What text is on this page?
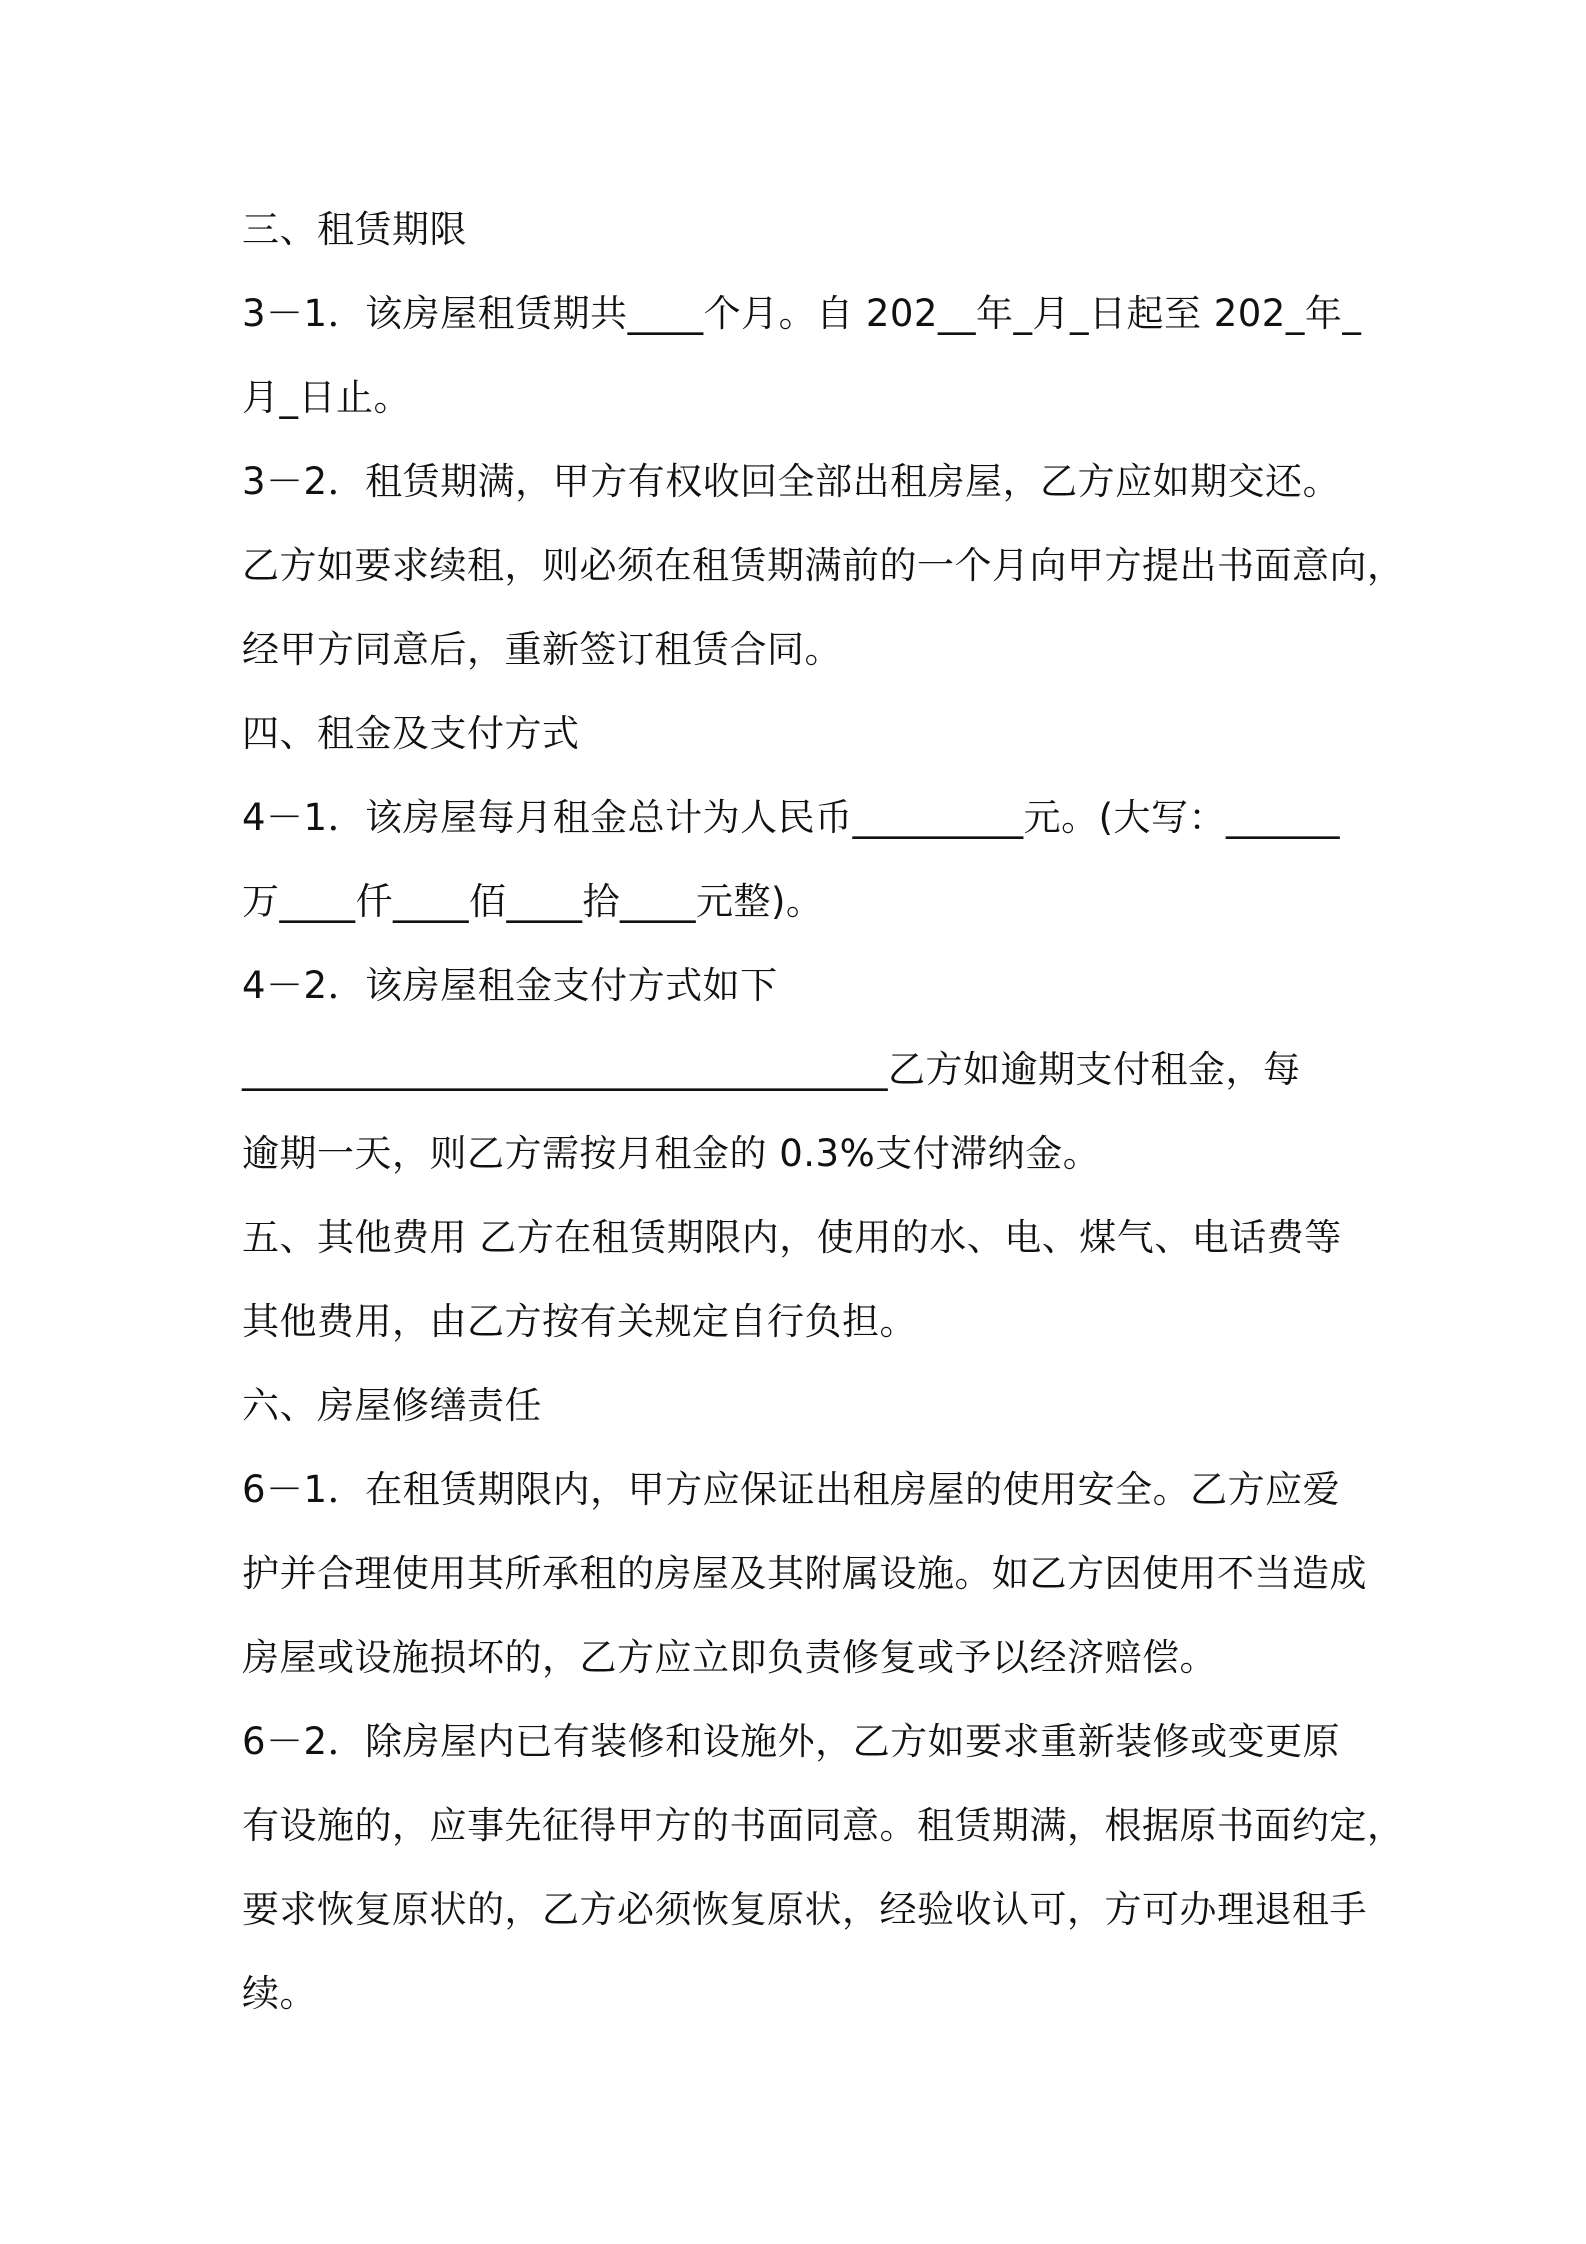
三、租赁期限
3－1．该房屋租赁期共____个月。自 202__年_月_日起至 202_年_
月_日止。
3－2．租赁期满，甲方有权收回全部出租房屋，乙方应如期交还。
乙方如要求续租，则必须在租赁期满前的一个月向甲方提出书面意向，
经甲方同意后，重新签订租赁合同。
四、租金及支付方式
4－1．该房屋每月租金总计为人民币_________元。(大写：______
万____仟____佰____拾____元整)。
4－2．该房屋租金支付方式如下
__________________________________乙方如逾期支付租金，每
逾期一天，则乙方需按月租金的 0.3%支付滞纳金。
五、其他费用 乙方在租赁期限内，使用的水、电、煤气、电话费等
其他费用，由乙方按有关规定自行负担。
六、房屋修缮责任
6－1．在租赁期限内，甲方应保证出租房屋的使用安全。乙方应爱
护并合理使用其所承租的房屋及其附属设施。如乙方因使用不当造成
房屋或设施损坏的，乙方应立即负责修复或予以经济赔偿。
6－2．除房屋内已有装修和设施外，乙方如要求重新装修或变更原
有设施的，应事先征得甲方的书面同意。租赁期满，根据原书面约定，
要求恢复原状的，乙方必须恢复原状，经验收认可，方可办理退租手
续。
